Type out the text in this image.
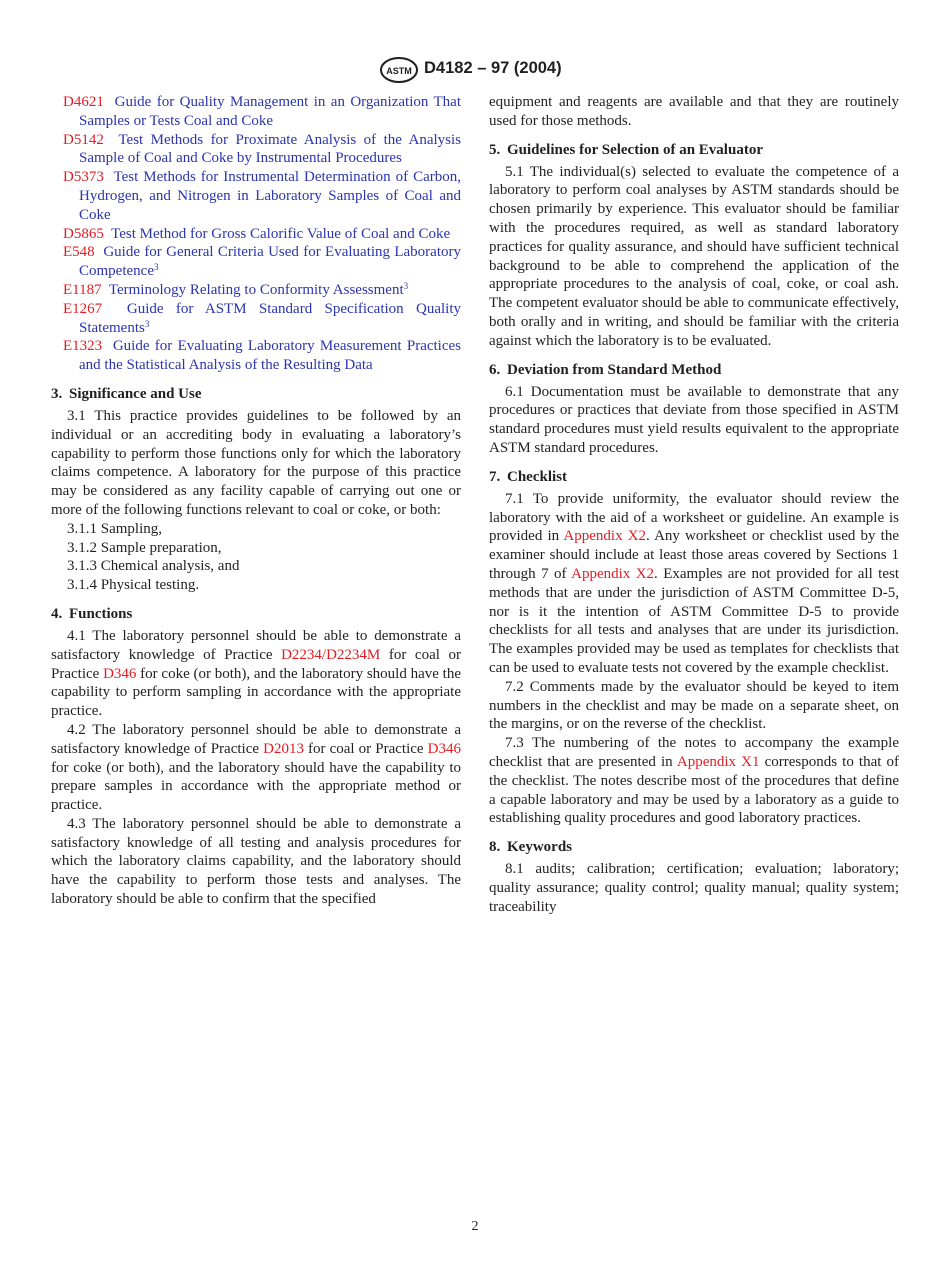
ASTM D4182 – 97 (2004)

D4621 Guide for Quality Management in an Organization That Samples or Tests Coal and Coke

D5142 Test Methods for Proximate Analysis of the Analysis Sample of Coal and Coke by Instrumental Procedures

D5373 Test Methods for Instrumental Determination of Carbon, Hydrogen, and Nitrogen in Laboratory Samples of Coal and Coke

D5865 Test Method for Gross Calorific Value of Coal and Coke

E548 Guide for General Criteria Used for Evaluating Laboratory Competence$^3$

E1187 Terminology Relating to Conformity Assessment$^3$

E1267 Guide for ASTM Standard Specification Quality Statements$^3$

E1323 Guide for Evaluating Laboratory Measurement Practices and the Statistical Analysis of the Resulting Data

3. Significance and Use

3.1 This practice provides guidelines to be followed by an individual or an accrediting body in evaluating a laboratory’s capability to perform those functions only for which the laboratory claims competence. A laboratory for the purpose of this practice may be considered as any facility capable of carrying out one or more of the following functions relevant to coal or coke, or both:

3.1.1 Sampling,

3.1.2 Sample preparation,

3.1.3 Chemical analysis, and

3.1.4 Physical testing.

4. Functions

4.1 The laboratory personnel should be able to demonstrate a satisfactory knowledge of Practice D2234/D2234M for coal or Practice D346 for coke (or both), and the laboratory should have the capability to perform sampling in accordance with the appropriate practice.

4.2 The laboratory personnel should be able to demonstrate a satisfactory knowledge of Practice D2013 for coal or Practice D346 for coke (or both), and the laboratory should have the capability to prepare samples in accordance with the appropriate method or practice.

4.3 The laboratory personnel should be able to demonstrate a satisfactory knowledge of all testing and analysis procedures for which the laboratory claims capability, and the laboratory should have the capability to perform those tests and analyses. The laboratory should be able to confirm that the specified

equipment and reagents are available and that they are routinely used for those methods.

5. Guidelines for Selection of an Evaluator

5.1 The individual(s) selected to evaluate the competence of a laboratory to perform coal analyses by ASTM standards should be chosen primarily by experience. This evaluator should be familiar with the procedures required, as well as standard laboratory practices for quality assurance, and should have sufficient technical background to be able to comprehend the application of the appropriate procedures to the analysis of coal, coke, or coal ash. The competent evaluator should be able to communicate effectively, both orally and in writing, and should be familiar with the criteria against which the laboratory is to be evaluated.

6. Deviation from Standard Method

6.1 Documentation must be available to demonstrate that any procedures or practices that deviate from those specified in ASTM standard procedures must yield results equivalent to the appropriate ASTM standard procedures.

7. Checklist

7.1 To provide uniformity, the evaluator should review the laboratory with the aid of a worksheet or guideline. An example is provided in Appendix X2. Any worksheet or checklist used by the examiner should include at least those areas covered by Sections 1 through 7 of Appendix X2. Examples are not provided for all test methods that are under the jurisdiction of ASTM Committee D-5, nor is it the intention of ASTM Committee D-5 to provide checklists for all tests and analyses that are under its jurisdiction. The examples provided may be used as templates for checklists that can be used to evaluate tests not covered by the example checklist.

7.2 Comments made by the evaluator should be keyed to item numbers in the checklist and may be made on a separate sheet, on the margins, or on the reverse of the checklist.

7.3 The numbering of the notes to accompany the example checklist that are presented in Appendix X1 corresponds to that of the checklist. The notes describe most of the procedures that define a capable laboratory and may be used by a laboratory as a guide to establishing quality procedures and good laboratory practices.

8. Keywords

8.1 audits; calibration; certification; evaluation; laboratory; quality assurance; quality control; quality manual; quality system; traceability

2
